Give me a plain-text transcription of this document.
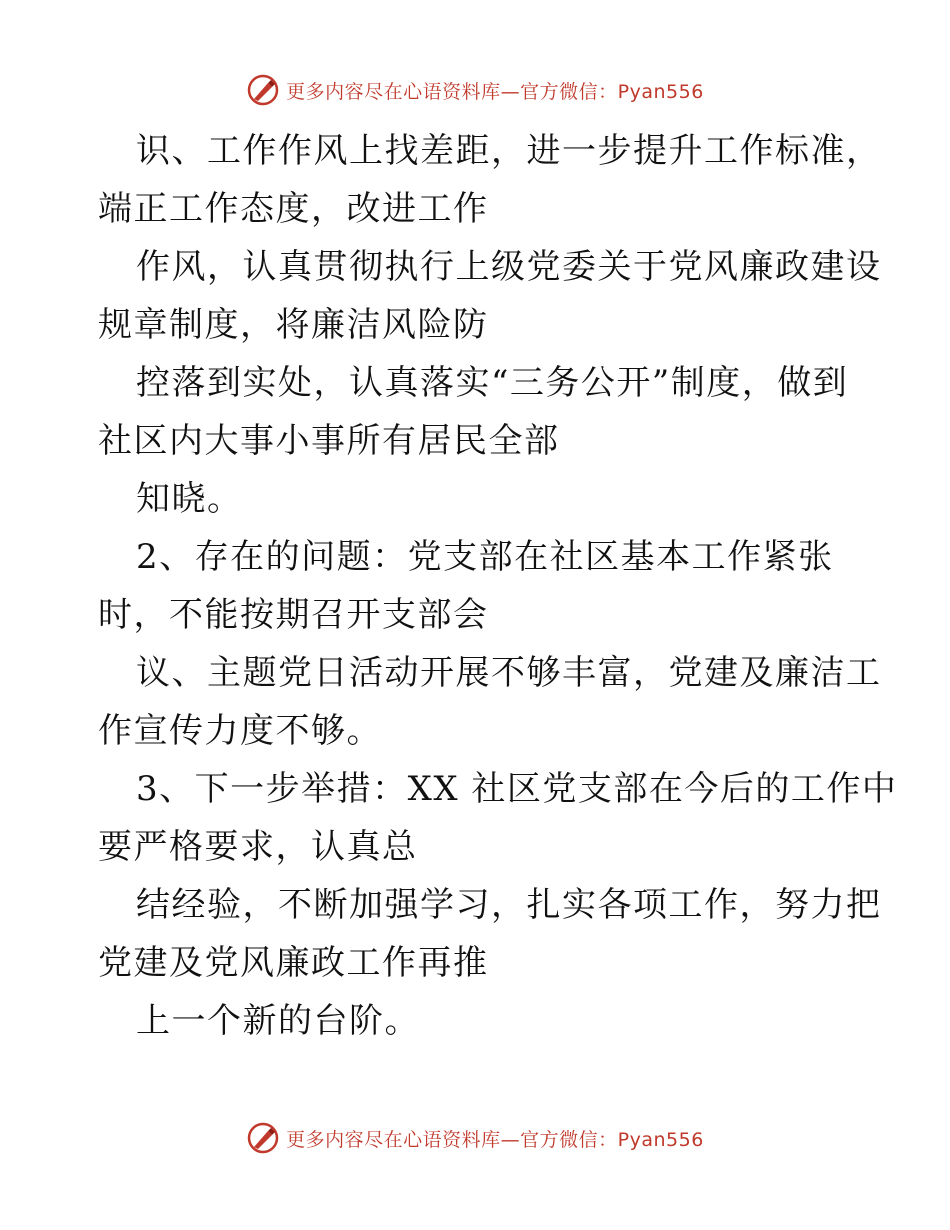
更多内容尽在心语资料库—官方微信：Pyan556
识、工作作风上找差距，进一步提升工作标准，
端正工作态度，改进工作
作风，认真贯彻执行上级党委关于党风廉政建设
规章制度，将廉洁风险防
控落到实处，认真落实“三务公开”制度，做到
社区内大事小事所有居民全部
知晓。
2、存在的问题：党支部在社区基本工作紧张
时，不能按期召开支部会
议、主题党日活动开展不够丰富，党建及廉洁工
作宣传力度不够。
3、下一步举措：XX 社区党支部在今后的工作中
要严格要求，认真总
结经验，不断加强学习，扎实各项工作，努力把
党建及党风廉政工作再推
上一个新的台阶。
更多内容尽在心语资料库—官方微信：Pyan556
